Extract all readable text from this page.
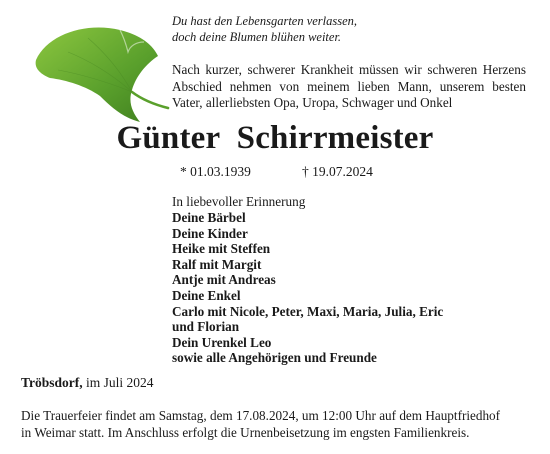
Du hast den Lebensgarten verlassen,
doch deine Blumen blühen weiter.
Nach kurzer, schwerer Krankheit müssen wir schweren Herzens Abschied nehmen von meinem lieben Mann, unserem besten Vater, allerliebsten Opa, Uropa, Schwager und Onkel
Günter  Schirrmeister
* 01.03.1939	† 19.07.2024
In liebevoller Erinnerung
Deine Bärbel
Deine Kinder
Heike mit Steffen
Ralf mit Margit
Antje mit Andreas
Deine Enkel
Carlo mit Nicole, Peter, Maxi, Maria, Julia, Eric
und Florian
Dein Urenkel Leo
sowie alle Angehörigen und Freunde
Tröbsdorf, im Juli 2024
Die Trauerfeier findet am Samstag, dem 17.08.2024, um 12:00 Uhr auf dem Hauptfriedhof
in Weimar statt. Im Anschluss erfolgt die Urnenbeisetzung im engsten Familienkreis.
